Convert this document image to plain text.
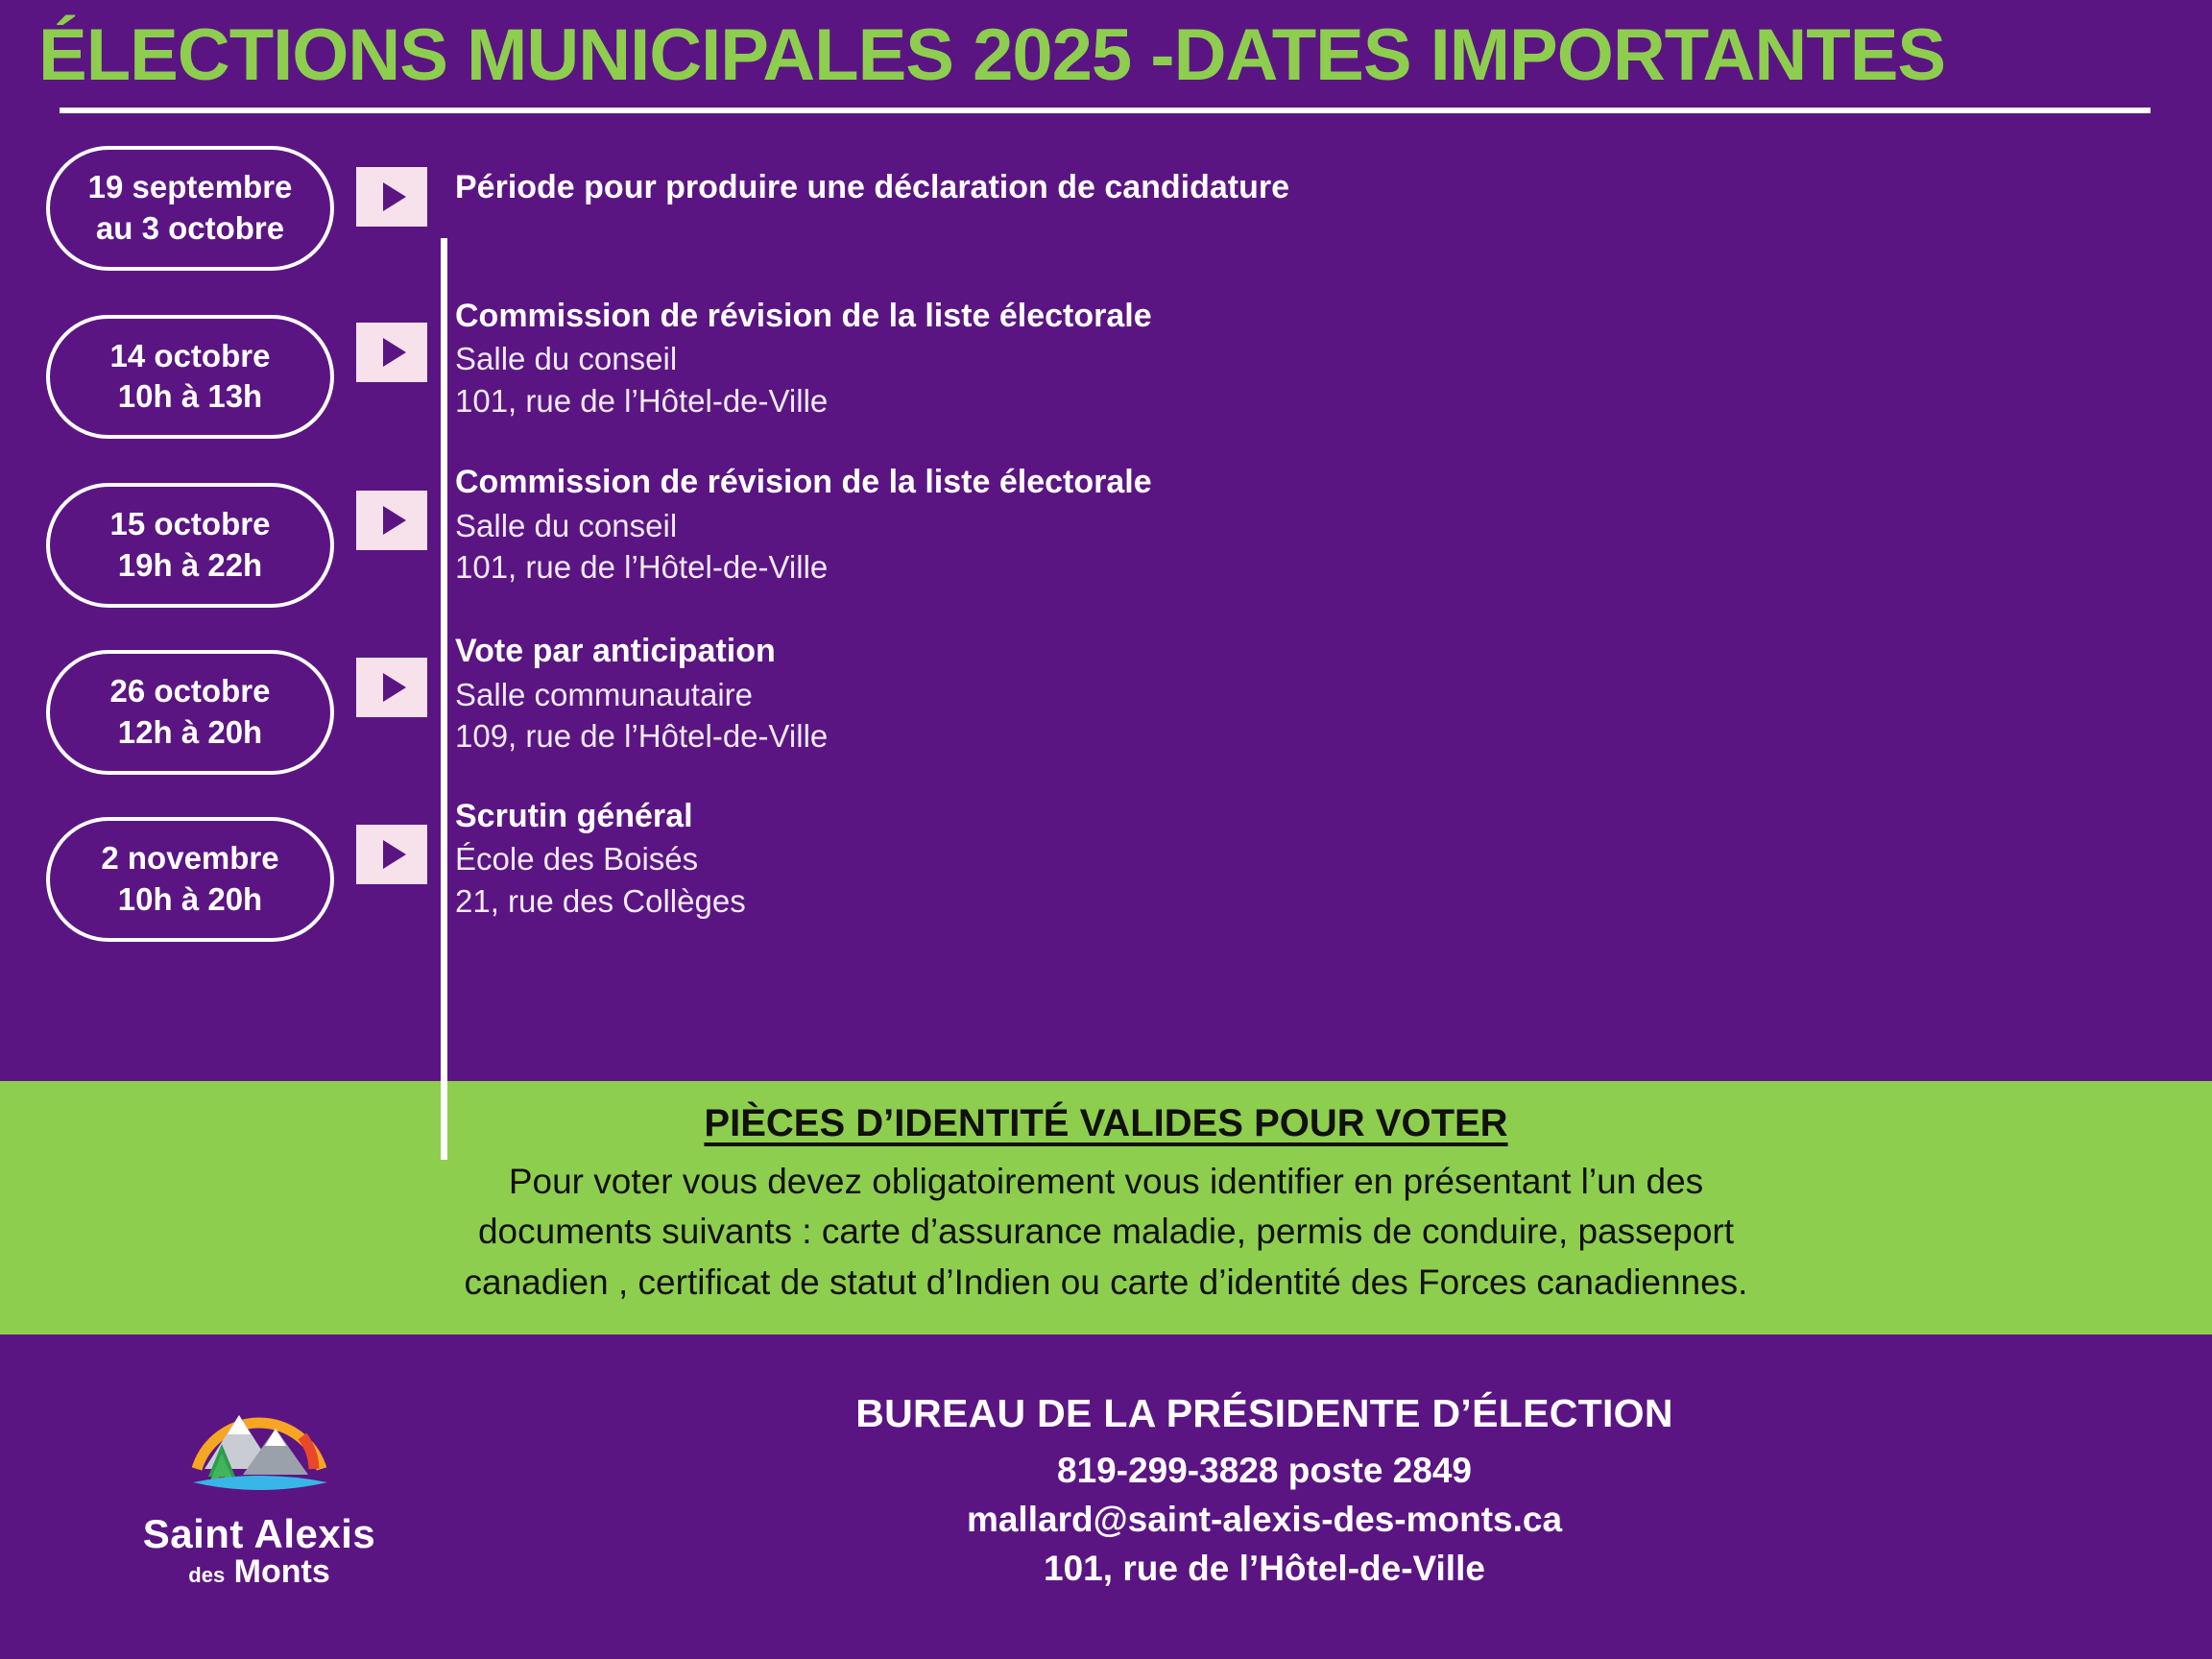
ÉLECTIONS MUNICIPALES 2025 -DATES IMPORTANTES
19 septembre
au 3 octobre
Période pour produire une déclaration de candidature
14 octobre
10h à 13h
Commission de révision de la liste électorale
Salle du conseil
101, rue de l’Hôtel-de-Ville
15 octobre
19h à 22h
Commission de révision de la liste électorale
Salle du conseil
101, rue de l’Hôtel-de-Ville
26 octobre
12h à 20h
Vote par anticipation
Salle communautaire
109, rue de l’Hôtel-de-Ville
2 novembre
10h à 20h
Scrutin général
École des Boisés
21, rue des Collèges
PIÈCES D’IDENTITÉ VALIDES POUR VOTER
Pour voter vous devez obligatoirement vous identifier en présentant l’un des
documents suivants : carte d’assurance maladie, permis de conduire, passeport
canadien , certificat de statut d’Indien ou carte d’identité des Forces canadiennes.
Saint Alexis
des Monts
BUREAU DE LA PRÉSIDENTE D’ÉLECTION
819-299-3828 poste 2849
mallard@saint-alexis-des-monts.ca
101, rue de l’Hôtel-de-Ville
